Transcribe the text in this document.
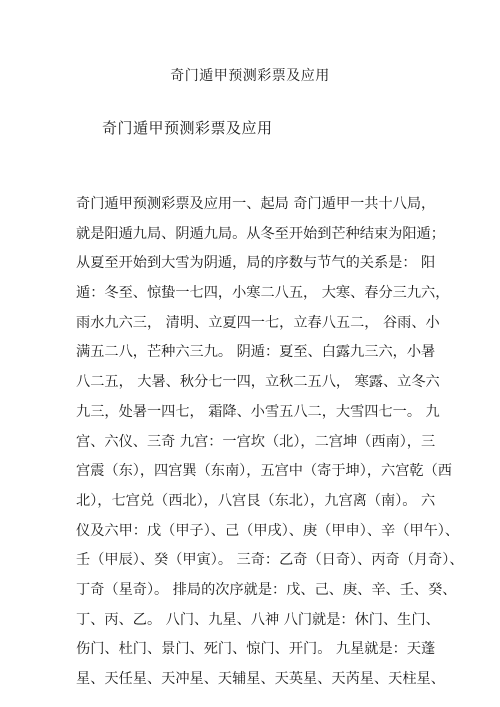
奇门遁甲预测彩票及应用
奇门遁甲预测彩票及应用
奇门遁甲预测彩票及应用一、起局 奇门遁甲一共十八局，
就是阳遁九局、阴遁九局。从冬至开始到芒种结束为阳遁；
从夏至开始到大雪为阴遁，局的序数与节气的关系是： 阳
遁：冬至、惊蛰一七四，小寒二八五， 大寒、春分三九六，
雨水九六三， 清明、立夏四一七，立春八五二， 谷雨、小
满五二八，芒种六三九。 阴遁：夏至、白露九三六，小暑
八二五， 大暑、秋分七一四，立秋二五八， 寒露、立冬六
九三，处暑一四七， 霜降、小雪五八二，大雪四七一。 九
宫、六仪、三奇 九宫：一宫坎（北），二宫坤（西南），三
宫震（东），四宫巽（东南），五宫中（寄于坤），六宫乾（西
北），七宫兑（西北），八宫艮（东北），九宫离（南）。 六
仪及六甲：戊（甲子）、己（甲戌）、庚（甲申）、辛（甲午）、
壬（甲辰）、癸（甲寅）。 三奇：乙奇（日奇）、丙奇（月奇）、
丁奇（星奇）。 排局的次序就是：戊、己、庚、辛、壬、癸、
丁、丙、乙。 八门、九星、八神 八门就是：休门、生门、
伤门、杜门、景门、死门、惊门、开门。 九星就是：天蓬
星、天任星、天冲星、天辅星、天英星、天芮星、天柱星、
